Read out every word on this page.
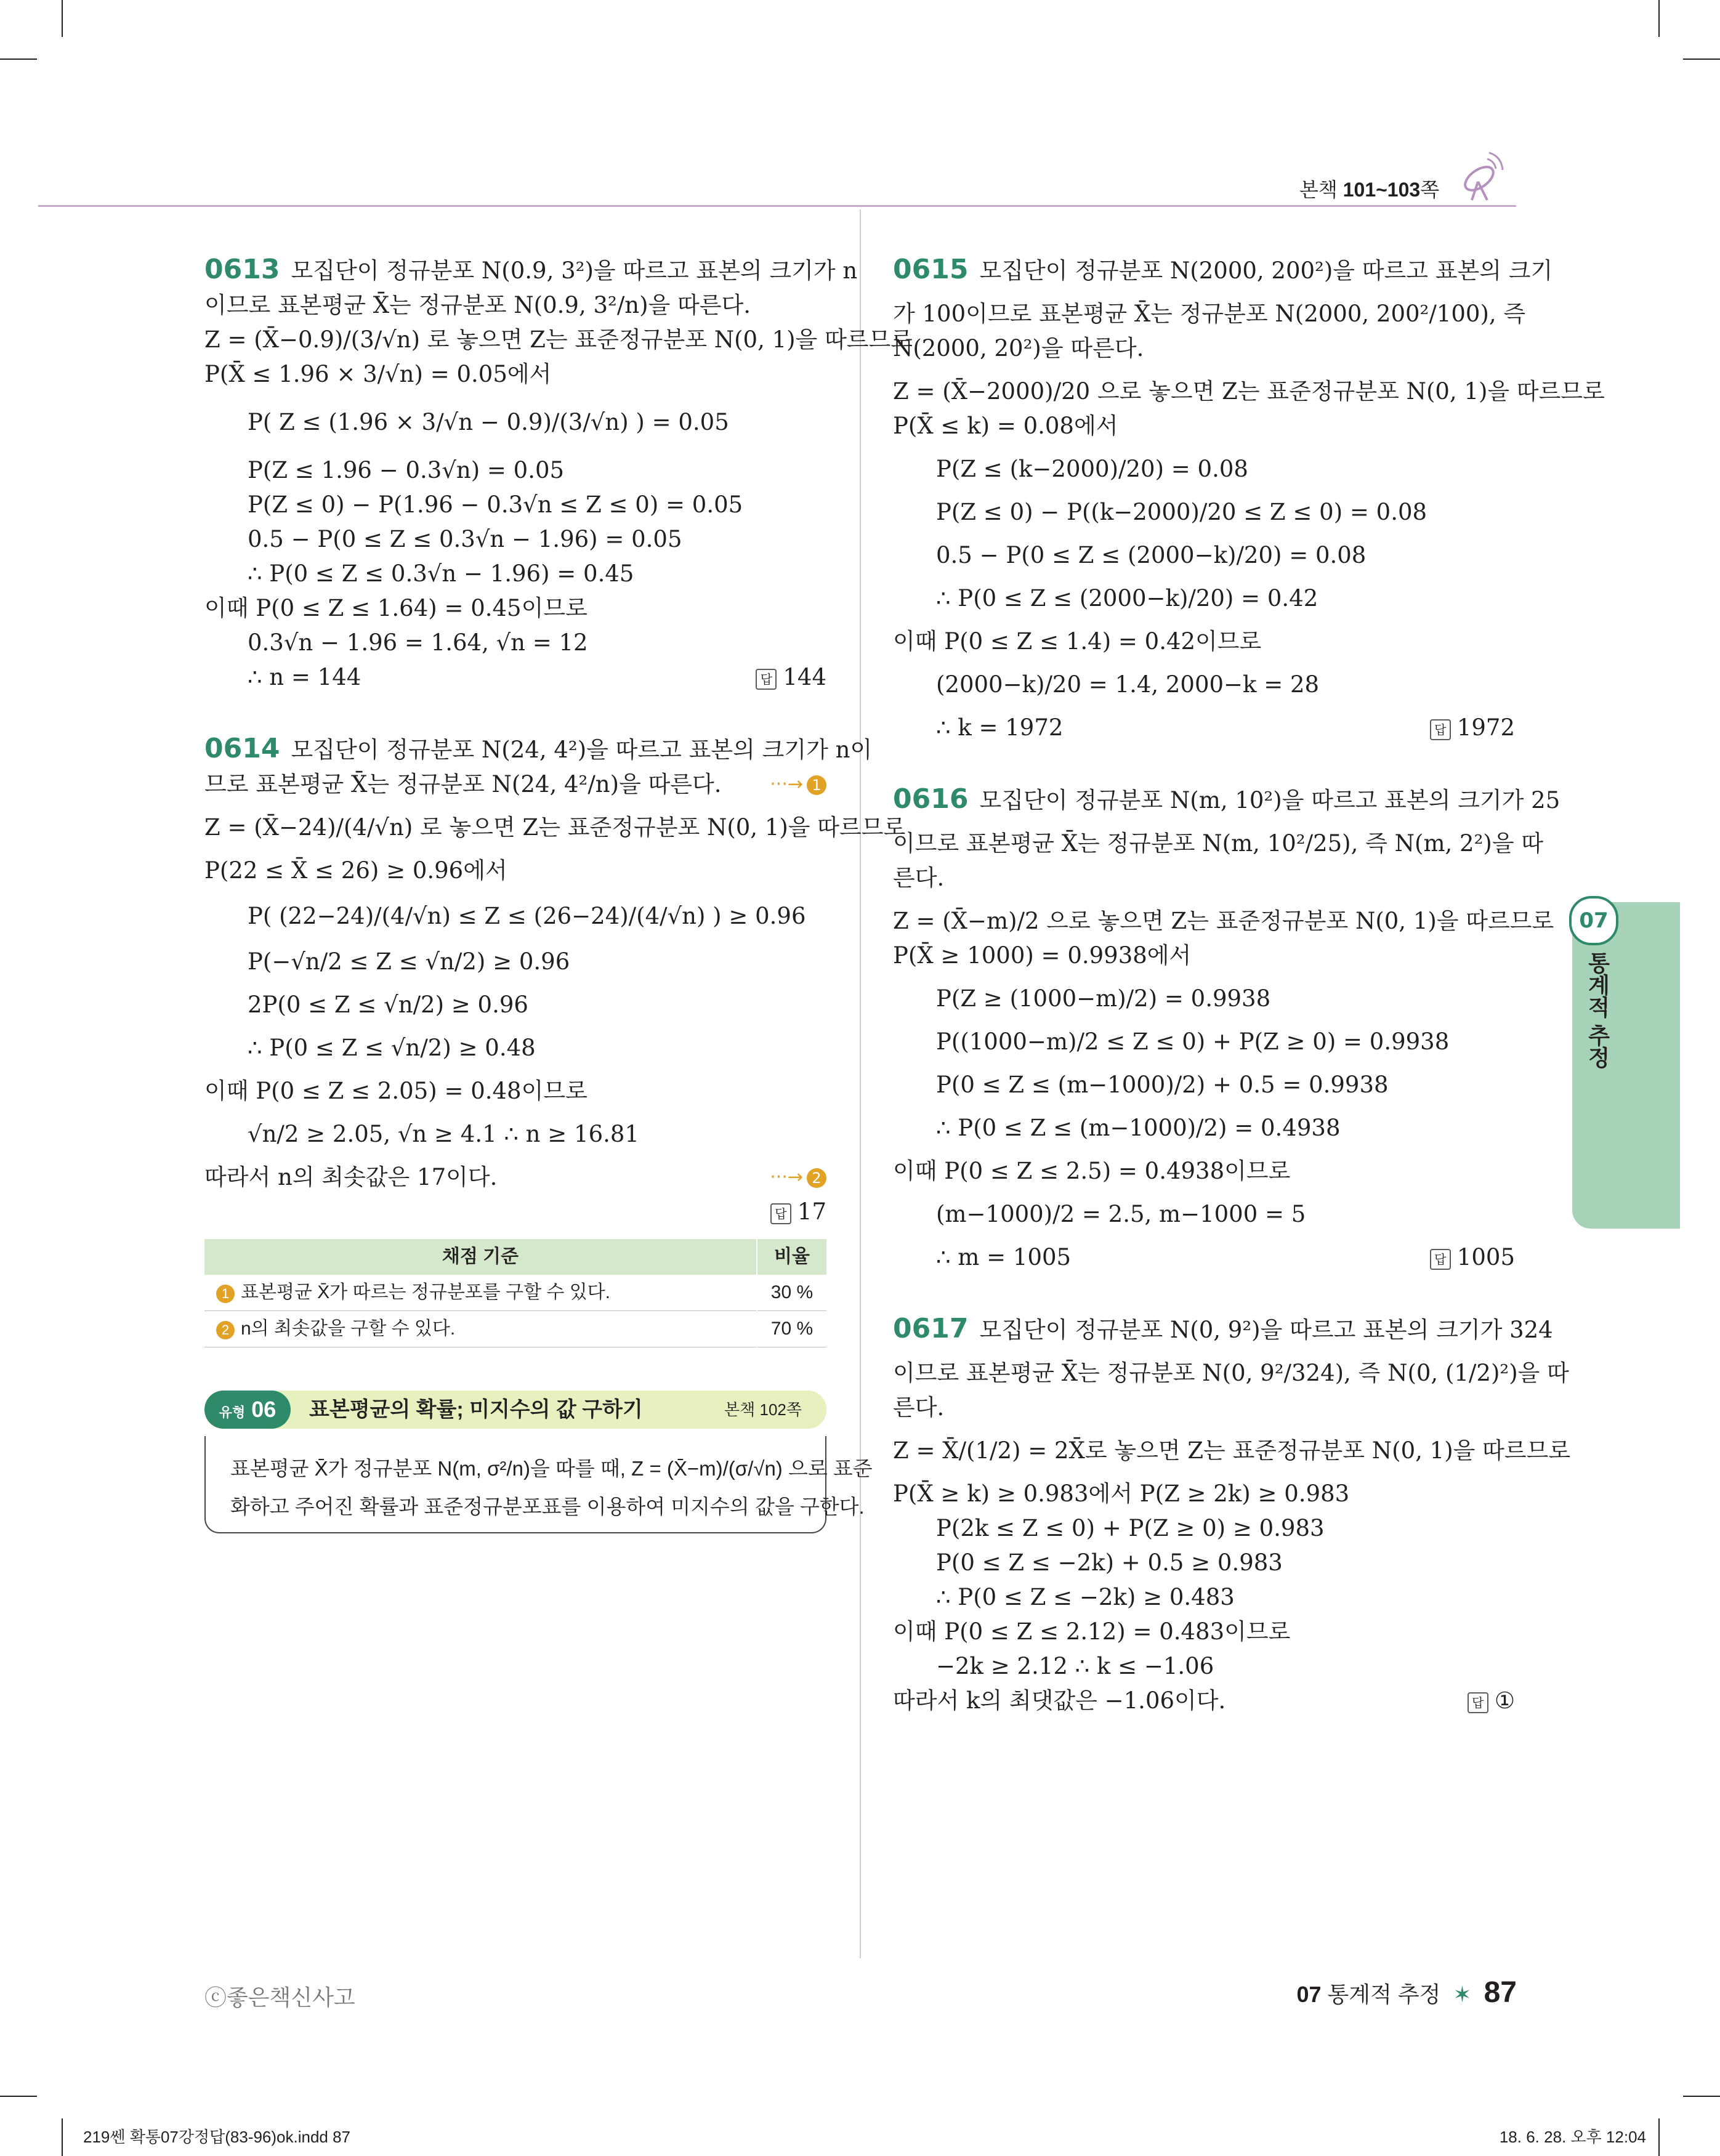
본책 101~103쪽
0613 모집단이 정규분포 N(0.9, 3²)을 따르고 표본의 크기가 n
이므로 표본평균 X̄는 정규분포 N(0.9, 3²/n)을 따른다.
Z = (X̄−0.9)/(3/√n) 로 놓으면 Z는 표준정규분포 N(0, 1)을 따르므로
P(X̄ ≤ 1.96 × 3/√n) = 0.05에서
P( Z ≤ (1.96 × 3/√n − 0.9)/(3/√n) ) = 0.05
P(Z ≤ 1.96 − 0.3√n) = 0.05
P(Z ≤ 0) − P(1.96 − 0.3√n ≤ Z ≤ 0) = 0.05
0.5 − P(0 ≤ Z ≤ 0.3√n − 1.96) = 0.05
∴ P(0 ≤ Z ≤ 0.3√n − 1.96) = 0.45
이때 P(0 ≤ Z ≤ 1.64) = 0.45이므로
0.3√n − 1.96 = 1.64, √n = 12
∴ n = 144	답 144
0614 모집단이 정규분포 N(24, 4²)을 따르고 표본의 크기가 n이
므로 표본평균 X̄는 정규분포 N(24, 4²/n)을 따른다.	···→ 1
Z = (X̄−24)/(4/√n) 로 놓으면 Z는 표준정규분포 N(0, 1)을 따르므로
P(22 ≤ X̄ ≤ 26) ≥ 0.96에서
P( (22−24)/(4/√n) ≤ Z ≤ (26−24)/(4/√n) ) ≥ 0.96
P(−√n/2 ≤ Z ≤ √n/2) ≥ 0.96
2P(0 ≤ Z ≤ √n/2) ≥ 0.96
∴ P(0 ≤ Z ≤ √n/2) ≥ 0.48
이때 P(0 ≤ Z ≤ 2.05) = 0.48이므로
√n/2 ≥ 2.05, √n ≥ 4.1 ∴ n ≥ 16.81
따라서 n의 최솟값은 17이다.	···→ 2
답 17
채점 기준	비율
1 표본평균 X̄가 따르는 정규분포를 구할 수 있다.	30 %
2 n의 최솟값을 구할 수 있다.	70 %
유형 06	표본평균의 확률; 미지수의 값 구하기	본책 102쪽
표본평균 X̄가 정규분포 N(m, σ²/n)을 따를 때, Z = (X̄−m)/(σ/√n) 으로 표준
화하고 주어진 확률과 표준정규분포표를 이용하여 미지수의 값을 구한다.
0615 모집단이 정규분포 N(2000, 200²)을 따르고 표본의 크기
가 100이므로 표본평균 X̄는 정규분포 N(2000, 200²/100), 즉
N(2000, 20²)을 따른다.
Z = (X̄−2000)/20 으로 놓으면 Z는 표준정규분포 N(0, 1)을 따르므로
P(X̄ ≤ k) = 0.08에서
P(Z ≤ (k−2000)/20) = 0.08
P(Z ≤ 0) − P((k−2000)/20 ≤ Z ≤ 0) = 0.08
0.5 − P(0 ≤ Z ≤ (2000−k)/20) = 0.08
∴ P(0 ≤ Z ≤ (2000−k)/20) = 0.42
이때 P(0 ≤ Z ≤ 1.4) = 0.42이므로
(2000−k)/20 = 1.4, 2000−k = 28
∴ k = 1972	답 1972
0616 모집단이 정규분포 N(m, 10²)을 따르고 표본의 크기가 25
이므로 표본평균 X̄는 정규분포 N(m, 10²/25), 즉 N(m, 2²)을 따
른다.
Z = (X̄−m)/2 으로 놓으면 Z는 표준정규분포 N(0, 1)을 따르므로
P(X̄ ≥ 1000) = 0.9938에서
P(Z ≥ (1000−m)/2) = 0.9938
P((1000−m)/2 ≤ Z ≤ 0) + P(Z ≥ 0) = 0.9938
P(0 ≤ Z ≤ (m−1000)/2) + 0.5 = 0.9938
∴ P(0 ≤ Z ≤ (m−1000)/2) = 0.4938
이때 P(0 ≤ Z ≤ 2.5) = 0.4938이므로
(m−1000)/2 = 2.5, m−1000 = 5
∴ m = 1005	답 1005
0617 모집단이 정규분포 N(0, 9²)을 따르고 표본의 크기가 324
이므로 표본평균 X̄는 정규분포 N(0, 9²/324), 즉 N(0, (1/2)²)을 따
른다.
Z = X̄/(1/2) = 2X̄로 놓으면 Z는 표준정규분포 N(0, 1)을 따르므로
P(X̄ ≥ k) ≥ 0.983에서 P(Z ≥ 2k) ≥ 0.983
P(2k ≤ Z ≤ 0) + P(Z ≥ 0) ≥ 0.983
P(0 ≤ Z ≤ −2k) + 0.5 ≥ 0.983
∴ P(0 ≤ Z ≤ −2k) ≥ 0.483
이때 P(0 ≤ Z ≤ 2.12) = 0.483이므로
−2k ≥ 2.12 ∴ k ≤ −1.06
따라서 k의 최댓값은 −1.06이다.	답 ①
07
통계적 추정
ⓒ좋은책신사고	07 통계적 추정 ✶ 87
219쎈 확통07강정답(83-96)ok.indd 87	18. 6. 28. 오후 12:04
